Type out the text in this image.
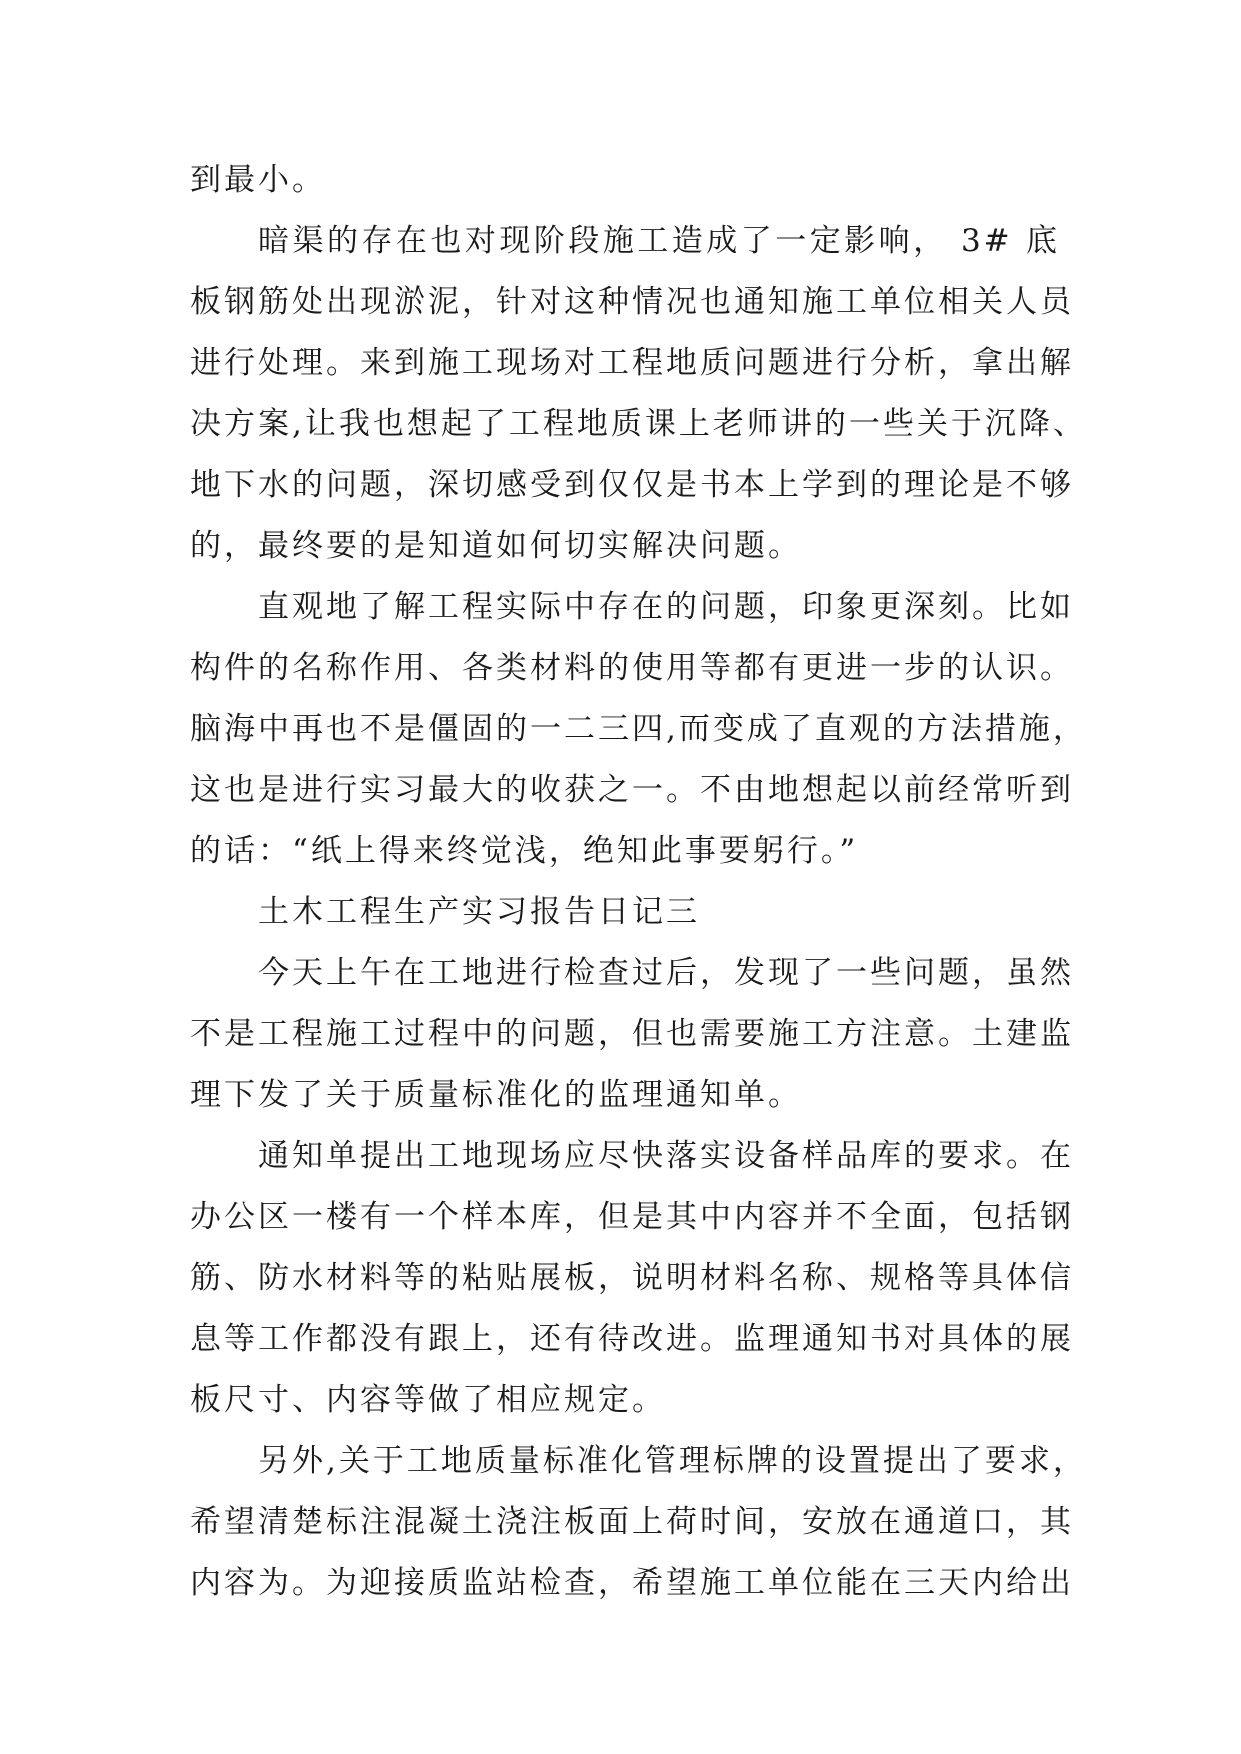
到最小。
暗渠的存在也对现阶段施工造成了一定影响， 3# 底
板钢筋处出现淤泥，针对这种情况也通知施工单位相关人员
进行处理。来到施工现场对工程地质问题进行分析，拿出解
决方案,让我也想起了工程地质课上老师讲的一些关于沉降、
地下水的问题，深切感受到仅仅是书本上学到的理论是不够
的，最终要的是知道如何切实解决问题。
直观地了解工程实际中存在的问题，印象更深刻。比如
构件的名称作用、各类材料的使用等都有更进一步的认识。
脑海中再也不是僵固的一二三四,而变成了直观的方法措施，
这也是进行实习最大的收获之一。不由地想起以前经常听到
的话：“纸上得来终觉浅，绝知此事要躬行。”
土木工程生产实习报告日记三
今天上午在工地进行检查过后，发现了一些问题，虽然
不是工程施工过程中的问题，但也需要施工方注意。土建监
理下发了关于质量标准化的监理通知单。
通知单提出工地现场应尽快落实设备样品库的要求。在
办公区一楼有一个样本库，但是其中内容并不全面，包括钢
筋、防水材料等的粘贴展板，说明材料名称、规格等具体信
息等工作都没有跟上，还有待改进。监理通知书对具体的展
板尺寸、内容等做了相应规定。
另外,关于工地质量标准化管理标牌的设置提出了要求，
希望清楚标注混凝土浇注板面上荷时间，安放在通道口，其
内容为。为迎接质监站检查，希望施工单位能在三天内给出
